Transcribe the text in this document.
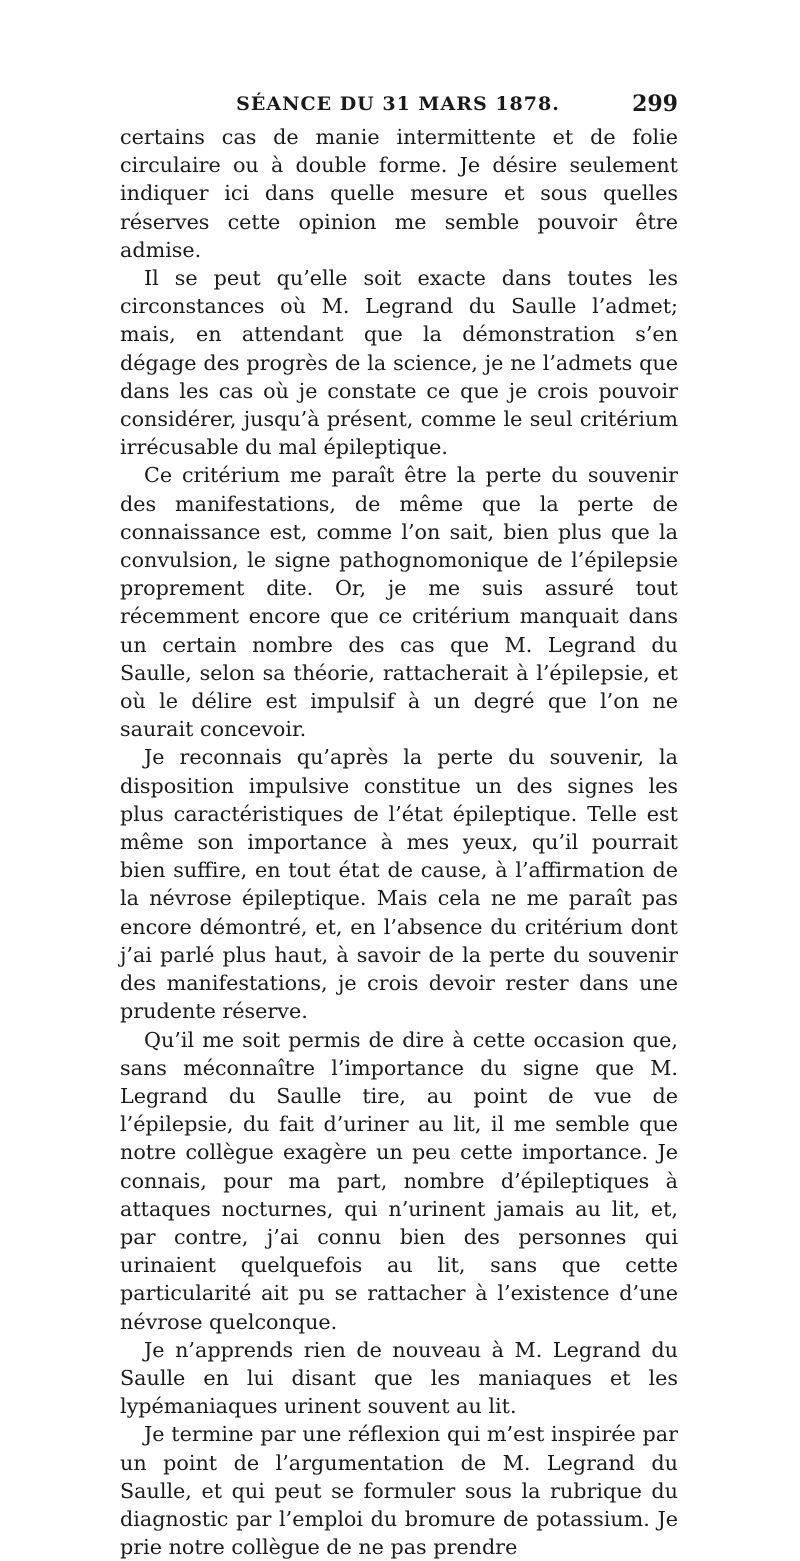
SÉANCE DU 31 MARS 1878.	299

certains cas de manie intermittente et de folie circulaire ou à double forme. Je désire seulement indiquer ici dans quelle mesure et sous quelles réserves cette opinion me semble pouvoir être admise.

Il se peut qu’elle soit exacte dans toutes les circonstances où M. Legrand du Saulle l’admet; mais, en attendant que la démonstration s’en dégage des progrès de la science, je ne l’admets que dans les cas où je constate ce que je crois pouvoir considérer, jusqu’à présent, comme le seul critérium irrécusable du mal épileptique.

Ce critérium me paraît être la perte du souvenir des manifestations, de même que la perte de connaissance est, comme l’on sait, bien plus que la convulsion, le signe pathognomonique de l’épilepsie proprement dite. Or, je me suis assuré tout récemment encore que ce critérium manquait dans un certain nombre des cas que M. Legrand du Saulle, selon sa théorie, rattacherait à l’épilepsie, et où le délire est impulsif à un degré que l’on ne saurait concevoir.

Je reconnais qu’après la perte du souvenir, la disposition impulsive constitue un des signes les plus caractéristiques de l’état épileptique. Telle est même son importance à mes yeux, qu’il pourrait bien suffire, en tout état de cause, à l’affirmation de la névrose épileptique. Mais cela ne me paraît pas encore démontré, et, en l’absence du critérium dont j’ai parlé plus haut, à savoir de la perte du souvenir des manifestations, je crois devoir rester dans une prudente réserve.

Qu’il me soit permis de dire à cette occasion que, sans méconnaître l’importance du signe que M. Legrand du Saulle tire, au point de vue de l’épilepsie, du fait d’uriner au lit, il me semble que notre collègue exagère un peu cette importance. Je connais, pour ma part, nombre d’épileptiques à attaques nocturnes, qui n’urinent jamais au lit, et, par contre, j’ai connu bien des personnes qui urinaient quelquefois au lit, sans que cette particularité ait pu se rattacher à l’existence d’une névrose quelconque.

Je n’apprends rien de nouveau à M. Legrand du Saulle en lui disant que les maniaques et les lypémaniaques urinent souvent au lit.

Je termine par une réflexion qui m’est inspirée par un point de l’argumentation de M. Legrand du Saulle, et qui peut se formuler sous la rubrique du diagnostic par l’emploi du bromure de potassium. Je prie notre collègue de ne pas prendre
